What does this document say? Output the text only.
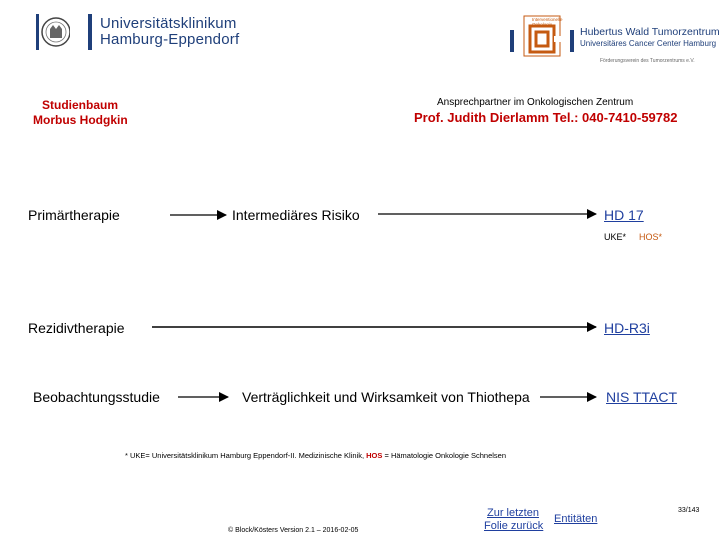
Universitätsklinikum
Hamburg-Eppendorf
Interventionelle Onkologie
Hubertus Wald Tumorzentrum
Universitäres Cancer Center Hamburg
Förderungsverein des Tumorzentrums e.V.
Studienbaum
Morbus Hodgkin
Ansprechpartner im Onkologischen Zentrum
Prof. Judith Dierlamm Tel.: 040-7410-59782
Primärtherapie	Intermediäres Risiko	HD 17
UKE* HOS*
Rezidivtherapie	HD-R3i
Beobachtungsstudie	Verträglichkeit und Wirksamkeit von Thiothepa	NIS TTACT
* UKE= Universitätsklinikum Hamburg Eppendorf-II. Medizinische Klinik, HOS = Hämatologie Onkologie Schnelsen
Zur letzten
Folie zurück
Entitäten
© Block/Kösters Version 2.1 – 2016-02-05
33/143
